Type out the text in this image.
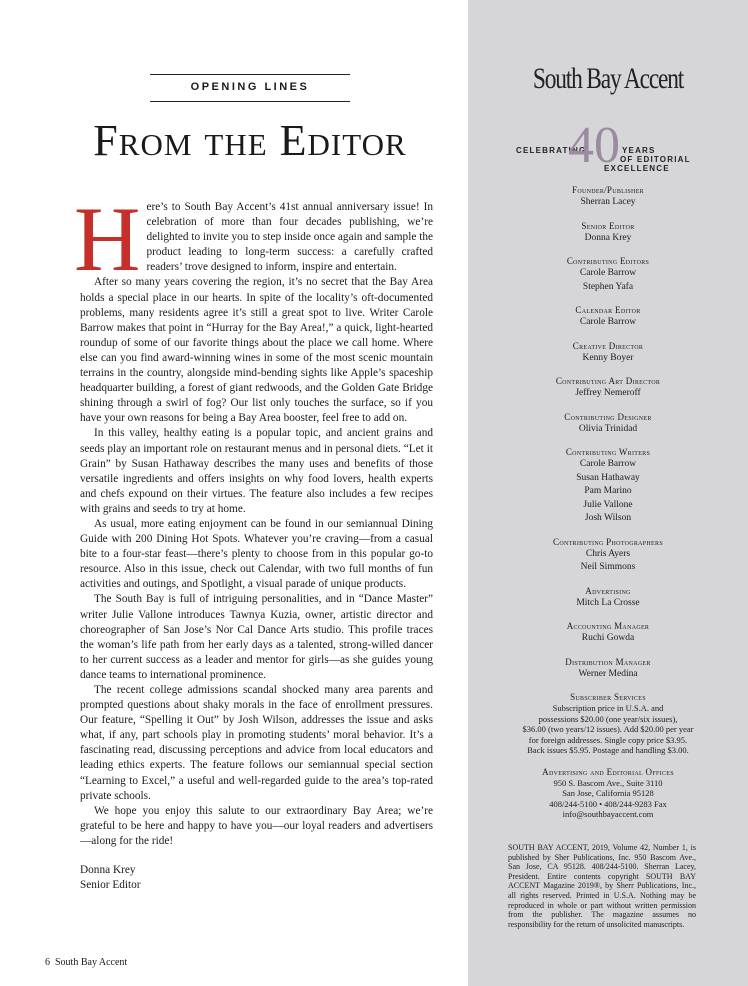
OPENING LINES
From the Editor

Here’s to South Bay Accent’s 41st annual anniversary issue! In celebration of more than four decades publishing, we’re delighted to invite you to step inside once again and sample the product leading to long-term success: a carefully crafted readers’ trove designed to inform, inspire and entertain.

After so many years covering the region, it’s no secret that the Bay Area holds a special place in our hearts. In spite of the locality’s oft-documented problems, many residents agree it’s still a great spot to live. Writer Carole Barrow makes that point in “Hurray for the Bay Area!,” a quick, light-hearted roundup of some of our favorite things about the place we call home. Where else can you find award-winning wines in some of the most scenic mountain terrains in the country, alongside mind-bending sights like Apple’s spaceship headquarter building, a forest of giant redwoods, and the Golden Gate Bridge shining through a swirl of fog? Our list only touches the surface, so if you have your own reasons for being a Bay Area booster, feel free to add on.

In this valley, healthy eating is a popular topic, and ancient grains and seeds play an important role on restaurant menus and in personal diets. “Let it Grain” by Susan Hathaway describes the many uses and benefits of those versatile ingredients and offers insights on why food lovers, health experts and chefs expound on their virtues. The feature also includes a few recipes with grains and seeds to try at home.

As usual, more eating enjoyment can be found in our semiannual Dining Guide with 200 Dining Hot Spots. Whatever you’re craving—from a casual bite to a four-star feast—there’s plenty to choose from in this popular go-to resource. Also in this issue, check out Calendar, with two full months of fun activities and outings, and Spotlight, a visual parade of unique products.

The South Bay is full of intriguing personalities, and in “Dance Master” writer Julie Vallone introduces Tawnya Kuzia, owner, artistic director and choreographer of San Jose’s Nor Cal Dance Arts studio. This profile traces the woman’s life path from her early days as a talented, strong-willed dancer to her current success as a leader and mentor for girls—as she guides young dance teams to international prominence.

The recent college admissions scandal shocked many area parents and prompted questions about shaky morals in the face of enrollment pressures. Our feature, “Spelling it Out” by Josh Wilson, addresses the issue and asks what, if any, part schools play in promoting students’ moral behavior. It’s a fascinating read, discussing perceptions and advice from local educators and leading ethics experts. The feature follows our semiannual special section “Learning to Excel,” a useful and well-regarded guide to the area’s top-rated private schools.

We hope you enjoy this salute to our extraordinary Bay Area; we’re grateful to be here and happy to have you—our loyal readers and advertisers—along for the ride!

Donna Krey
Senior Editor
6 South Bay Accent
South Bay Accent
CELEBRATING
40 YEARS
OF EDITORIAL
EXCELLENCE
Founder/Publisher
Sherran Lacey
Senior Editor
Donna Krey
Contributing Editors
Carole Barrow
Stephen Yafa
Calendar Editor
Carole Barrow
Creative Director
Kenny Boyer
Contributing Art Director
Jeffrey Nemeroff
Contributing Designer
Olivia Trinidad
Contributing Writers
Carole Barrow
Susan Hathaway
Pam Marino
Julie Vallone
Josh Wilson
Contributing Photographers
Chris Ayers
Neil Simmons
Advertising
Mitch La Crosse
Accounting Manager
Ruchi Gowda
Distribution Manager
Werner Medina
Subscriber Services
Subscription price in U.S.A. and
possessions $20.00 (one year/six issues),
$36.00 (two years/12 issues). Add $20.00 per year
for foreign addresses. Single copy price $3.95.
Back issues $5.95. Postage and handling $3.00.
Advertising and Editorial Offices
950 S. Bascom Ave., Suite 3110
San Jose, California 95128
408/244-5100 • 408/244-9283 Fax
info@southbayaccent.com
SOUTH BAY ACCENT, 2019, Volume 42, Number 1, is published by Sher Publications, Inc. 950 Bascom Ave., San Jose, CA 95128. 408/244-5100. Sherran Lacey, President. Entire contents copyright SOUTH BAY ACCENT Magazine 2019®, by Sherr Publications, Inc., all rights reserved. Printed in U.S.A. Nothing may be reproduced in whole or part without written permission from the publisher. The magazine assumes no responsibility for the return of unsolicited manuscripts.
